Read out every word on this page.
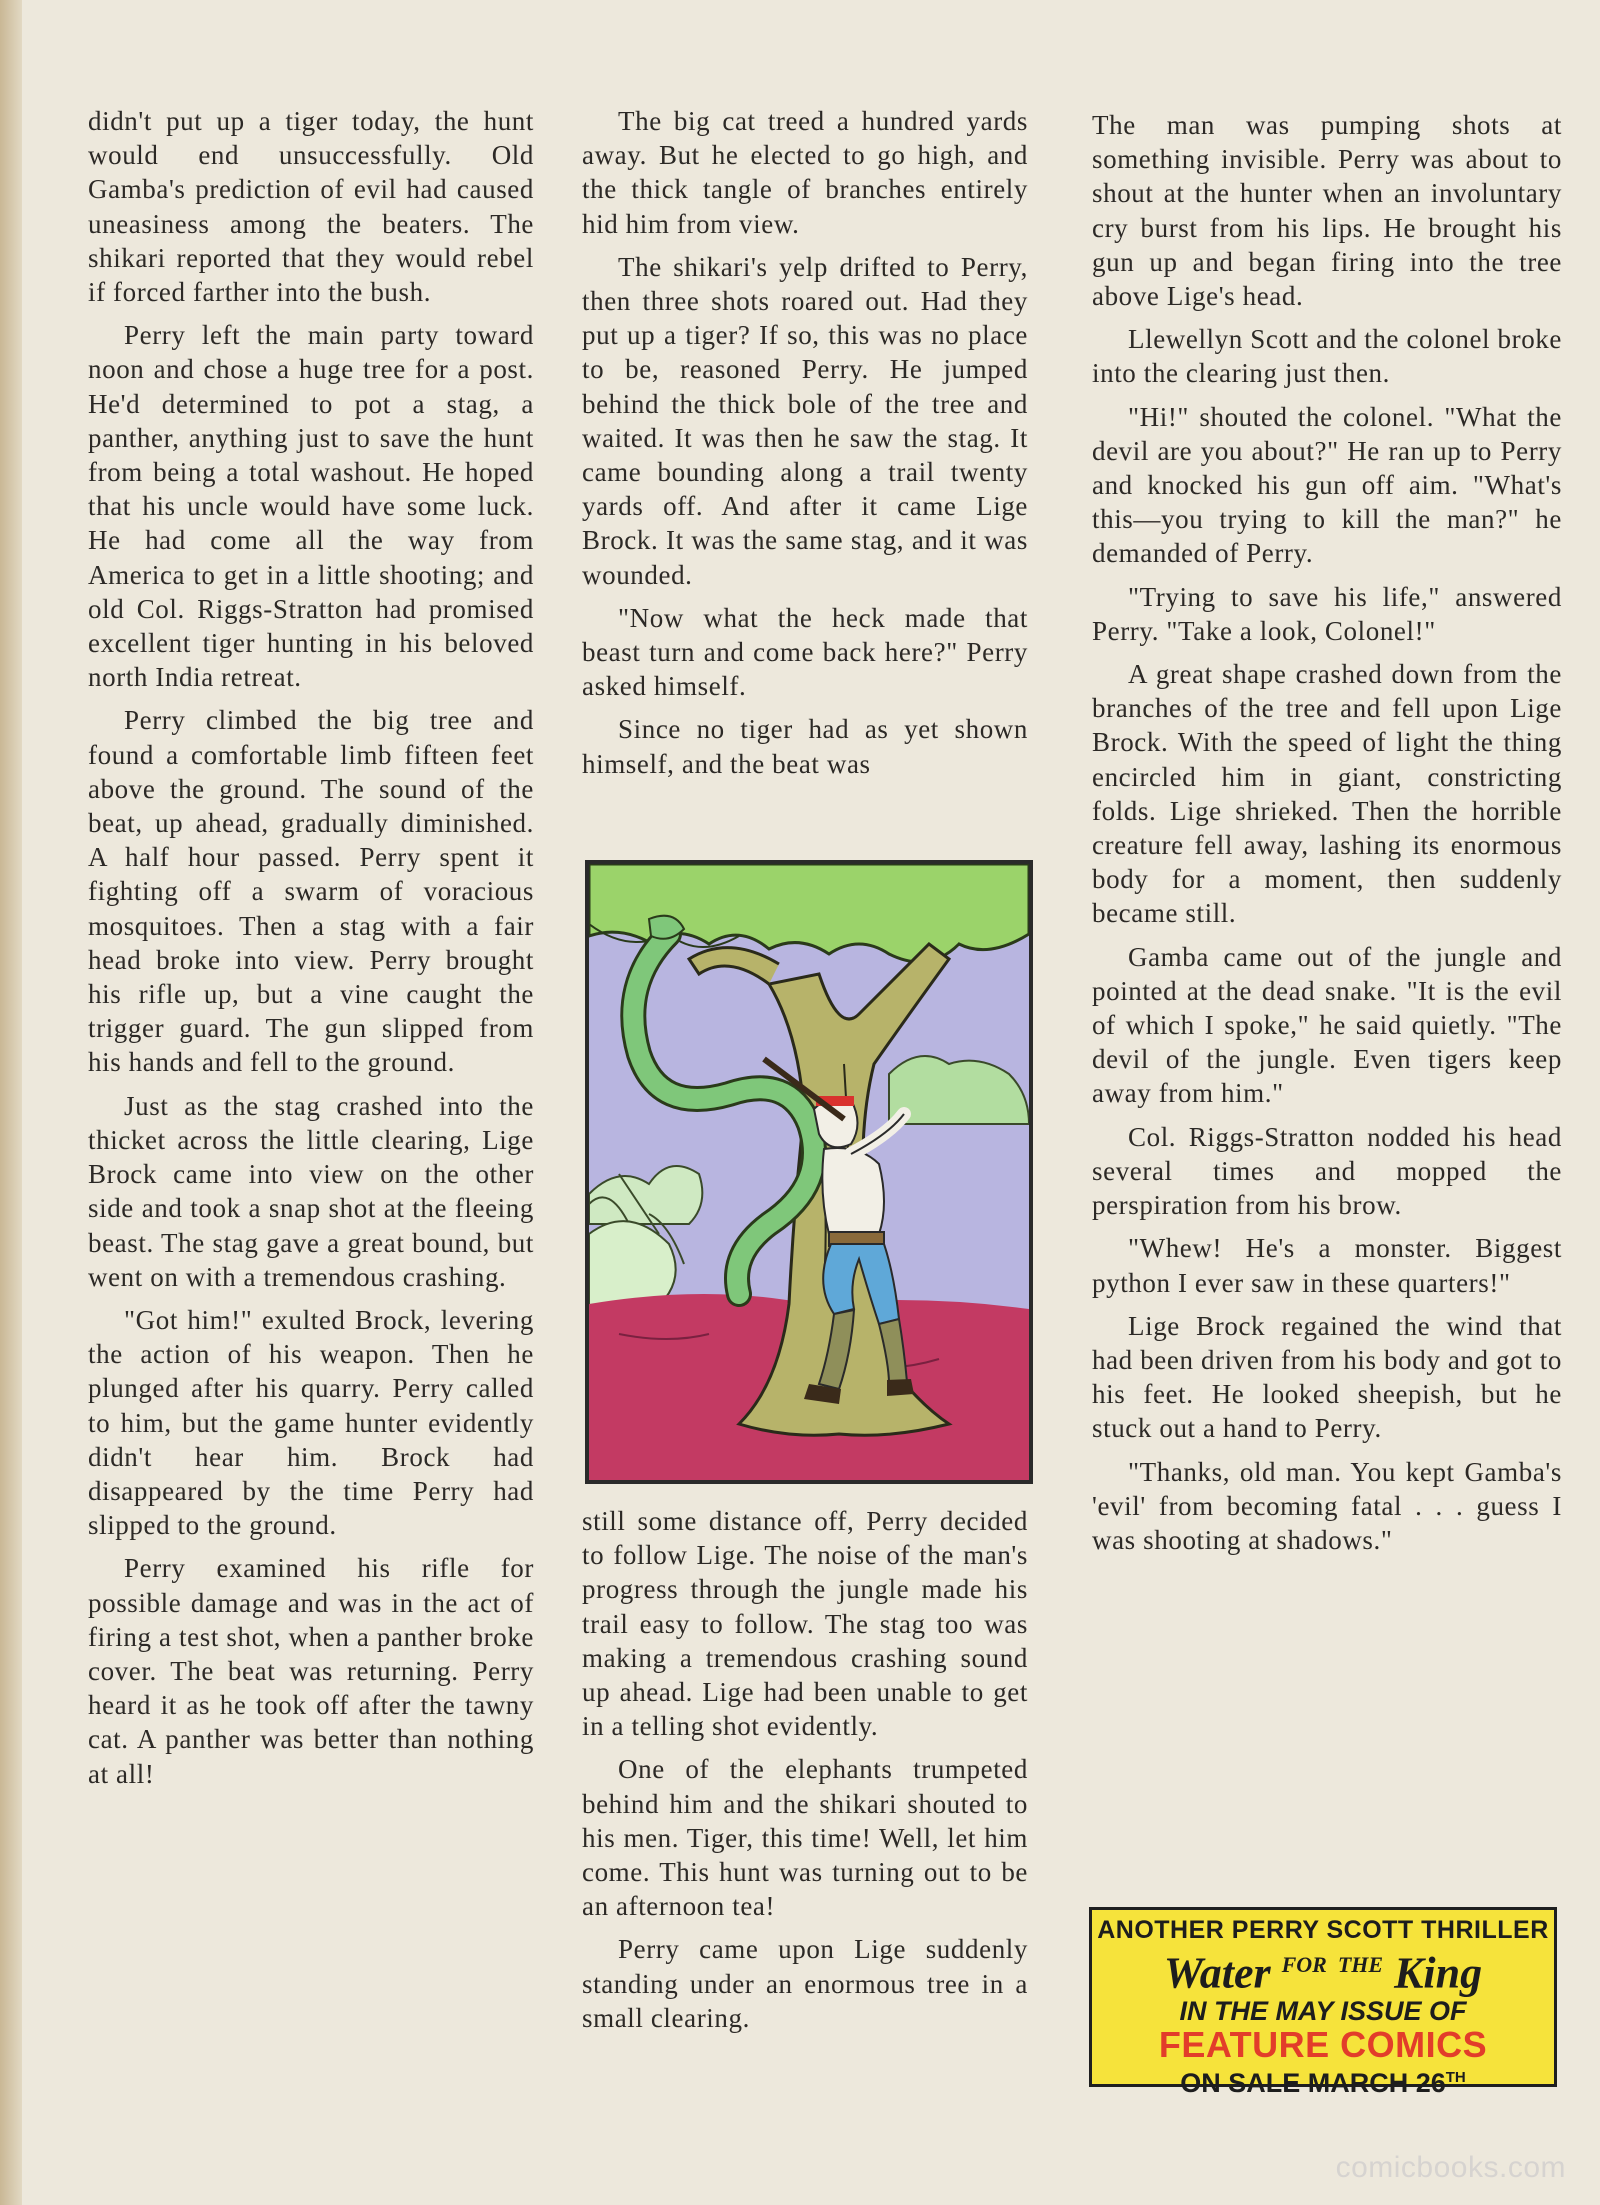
didn't put up a tiger today, the hunt would end unsuccessfully. Old Gamba's prediction of evil had caused uneasiness among the beaters. The shikari reported that they would rebel if forced farther into the bush.

Perry left the main party toward noon and chose a huge tree for a post. He'd determined to pot a stag, a panther, anything just to save the hunt from being a total washout. He hoped that his uncle would have some luck. He had come all the way from America to get in a little shooting; and old Col. Riggs-Stratton had promised excellent tiger hunting in his beloved north India retreat.

Perry climbed the big tree and found a comfortable limb fifteen feet above the ground. The sound of the beat, up ahead, gradually diminished. A half hour passed. Perry spent it fighting off a swarm of voracious mosquitoes. Then a stag with a fair head broke into view. Perry brought his rifle up, but a vine caught the trigger guard. The gun slipped from his hands and fell to the ground.

Just as the stag crashed into the thicket across the little clearing, Lige Brock came into view on the other side and took a snap shot at the fleeing beast. The stag gave a great bound, but went on with a tremendous crashing.

"Got him!" exulted Brock, levering the action of his weapon. Then he plunged after his quarry. Perry called to him, but the game hunter evidently didn't hear him. Brock had disappeared by the time Perry had slipped to the ground.

Perry examined his rifle for possible damage and was in the act of firing a test shot, when a panther broke cover. The beat was returning. Perry heard it as he took off after the tawny cat. A panther was better than nothing at all!

The big cat treed a hundred yards away. But he elected to go high, and the thick tangle of branches entirely hid him from view.

The shikari's yelp drifted to Perry, then three shots roared out. Had they put up a tiger? If so, this was no place to be, reasoned Perry. He jumped behind the thick bole of the tree and waited. It was then he saw the stag. It came bounding along a trail twenty yards off. And after it came Lige Brock. It was the same stag, and it was wounded.

"Now what the heck made that beast turn and come back here?" Perry asked himself.

Since no tiger had as yet shown himself, and the beat was

still some distance off, Perry decided to follow Lige. The noise of the man's progress through the jungle made his trail easy to follow. The stag too was making a tremendous crashing sound up ahead. Lige had been unable to get in a telling shot evidently.

One of the elephants trumpeted behind him and the shikari shouted to his men. Tiger, this time! Well, let him come. This hunt was turning out to be an afternoon tea!

Perry came upon Lige suddenly standing under an enormous tree in a small clearing.

The man was pumping shots at something invisible. Perry was about to shout at the hunter when an involuntary cry burst from his lips. He brought his gun up and began firing into the tree above Lige's head.

Llewellyn Scott and the colonel broke into the clearing just then.

"Hi!" shouted the colonel. "What the devil are you about?" He ran up to Perry and knocked his gun off aim. "What's this—you trying to kill the man?" he demanded of Perry.

"Trying to save his life," answered Perry. "Take a look, Colonel!"

A great shape crashed down from the branches of the tree and fell upon Lige Brock. With the speed of light the thing encircled him in giant, constricting folds. Lige shrieked. Then the horrible creature fell away, lashing its enormous body for a moment, then suddenly became still.

Gamba came out of the jungle and pointed at the dead snake. "It is the evil of which I spoke," he said quietly. "The devil of the jungle. Even tigers keep away from him."

Col. Riggs-Stratton nodded his head several times and mopped the perspiration from his brow.

"Whew! He's a monster. Biggest python I ever saw in these quarters!"

Lige Brock regained the wind that had been driven from his body and got to his feet. He looked sheepish, but he stuck out a hand to Perry.

"Thanks, old man. You kept Gamba's 'evil' from becoming fatal . . . guess I was shooting at shadows."

ANOTHER PERRY SCOTT THRILLER
Water $^{FOR}$ $^{THE}$ King
IN THE MAY ISSUE OF
FEATURE COMICS
ON SALE MARCH 26TH
comicbooks.com
